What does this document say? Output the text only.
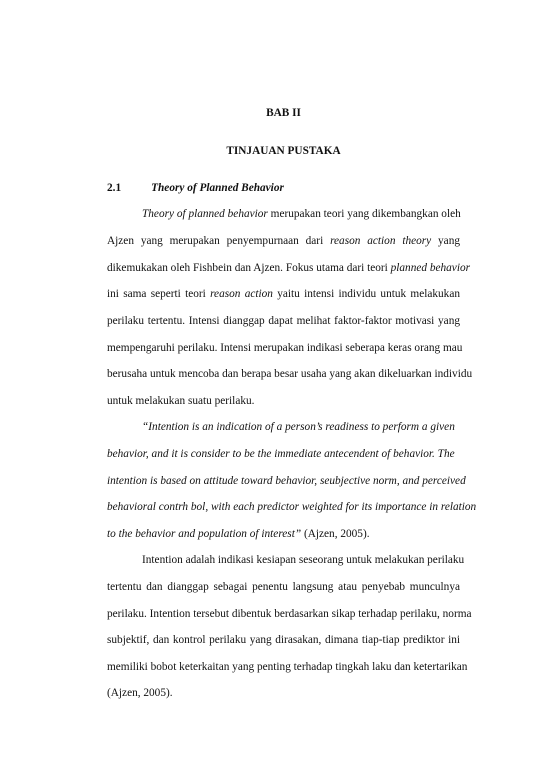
BAB II
TINJAUAN PUSTAKA
2.1	Theory of Planned Behavior
Theory of planned behavior merupakan teori yang dikembangkan oleh
Ajzen yang merupakan penyempurnaan dari reason action theory yang
dikemukakan oleh Fishbein dan Ajzen. Fokus utama dari teori planned behavior
ini sama seperti teori reason action yaitu intensi individu untuk melakukan
perilaku tertentu. Intensi dianggap dapat melihat faktor-faktor motivasi yang
mempengaruhi perilaku. Intensi merupakan indikasi seberapa keras orang mau
berusaha untuk mencoba dan berapa besar usaha yang akan dikeluarkan individu
untuk melakukan suatu perilaku.
“Intention is an indication of a person’s readiness to perform a given
behavior, and it is consider to be the immediate antecendent of behavior. The
intention is based on attitude toward behavior, seubjective norm, and perceived
behavioral contrh bol, with each predictor weighted for its importance in relation
to the behavior and population of interest” (Ajzen, 2005).
Intention adalah indikasi kesiapan seseorang untuk melakukan perilaku
tertentu dan dianggap sebagai penentu langsung atau penyebab munculnya
perilaku. Intention tersebut dibentuk berdasarkan sikap terhadap perilaku, norma
subjektif, dan kontrol perilaku yang dirasakan, dimana tiap-tiap prediktor ini
memiliki bobot keterkaitan yang penting terhadap tingkah laku dan ketertarikan
(Ajzen, 2005).
